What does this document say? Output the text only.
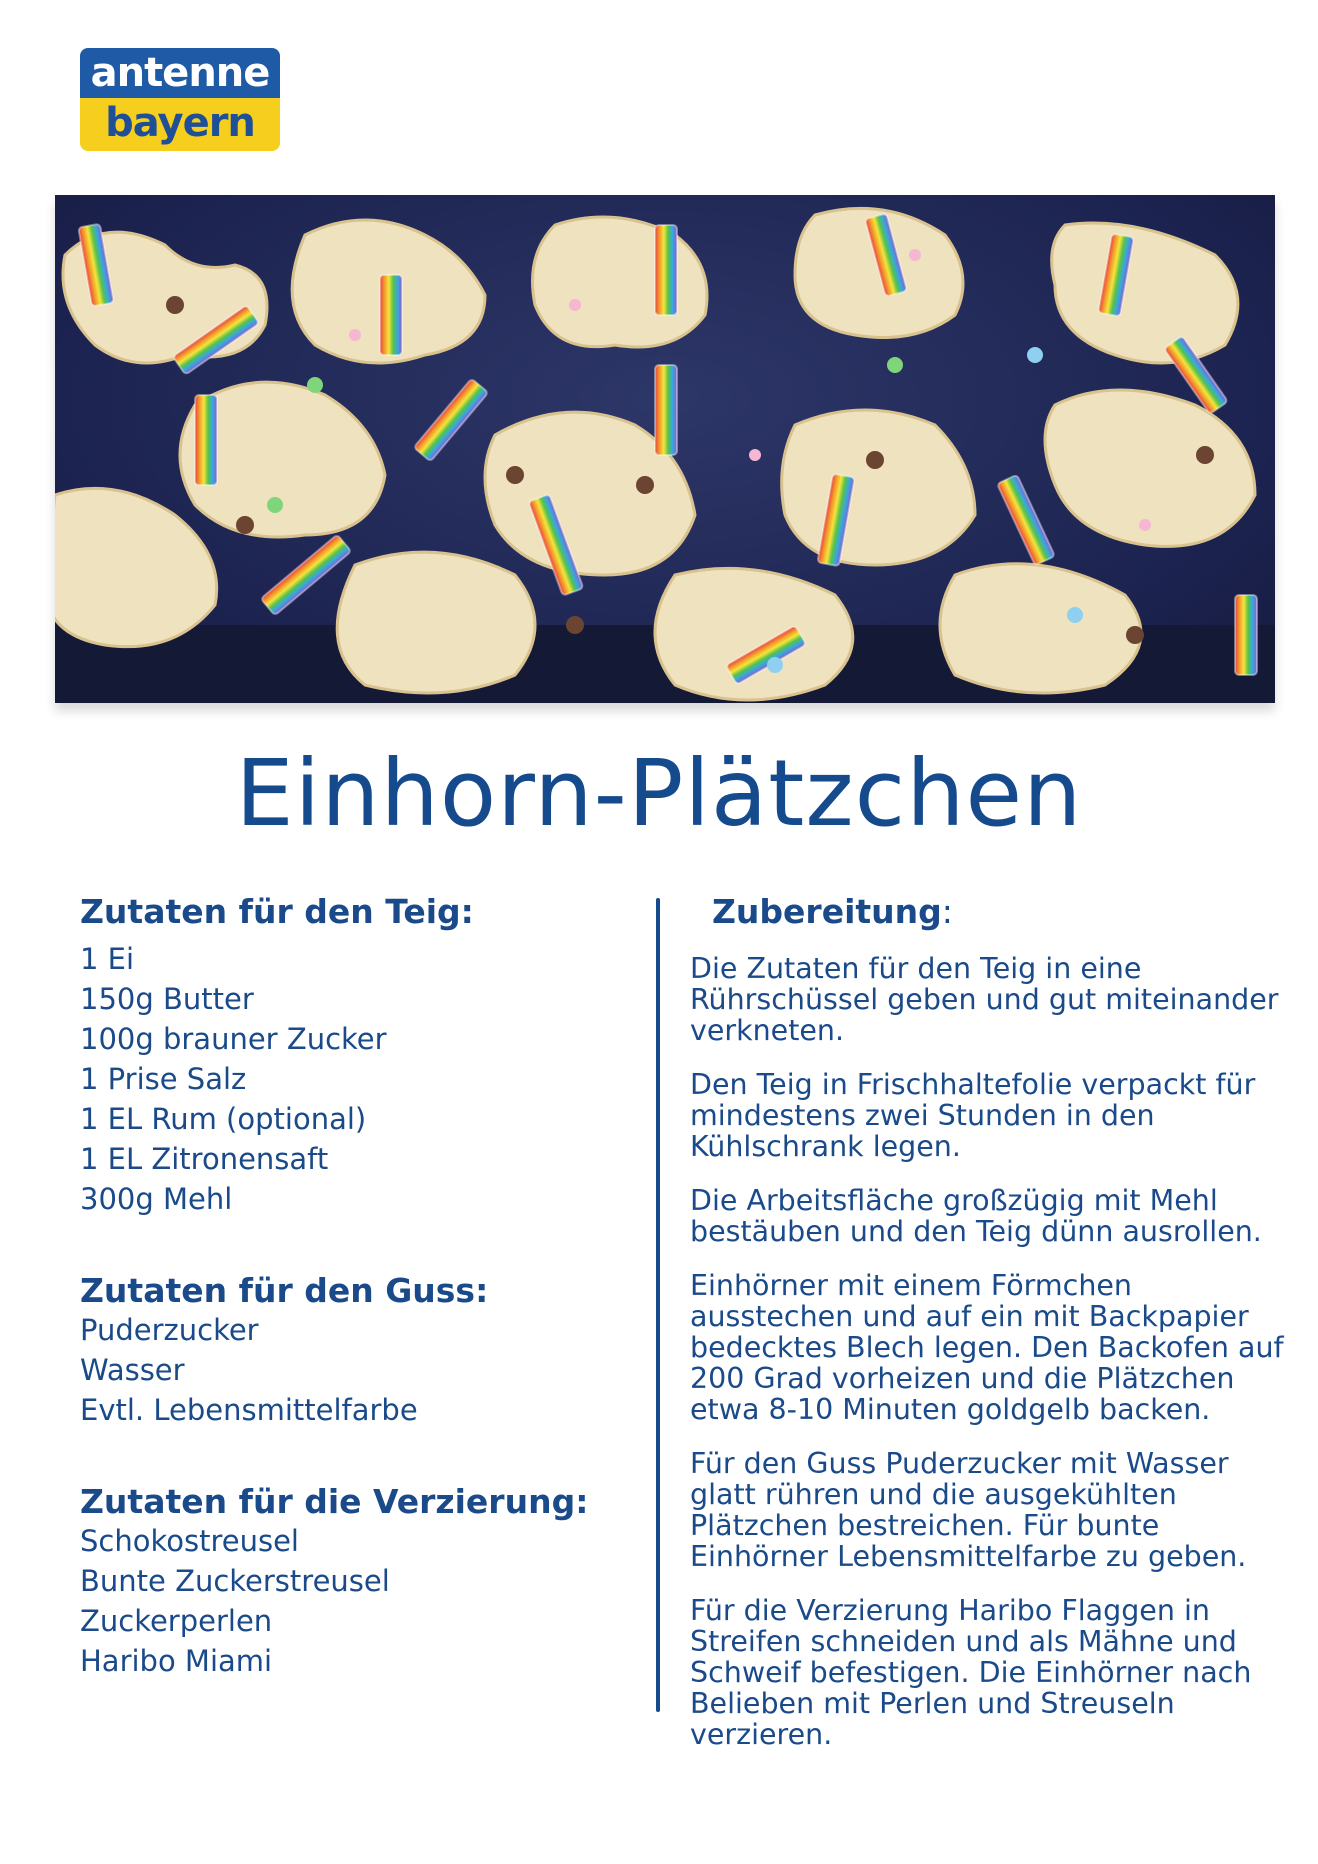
antenne
bayern
Einhorn-Plätzchen
Zutaten für den Teig:
1 Ei
150g Butter
100g brauner Zucker
1 Prise Salz
1 EL Rum (optional)
1 EL Zitronensaft
300g Mehl
Zutaten für den Guss:
Puderzucker
Wasser
Evtl. Lebensmittelfarbe
Zutaten für die Verzierung:
Schokostreusel
Bunte Zuckerstreusel
Zuckerperlen
Haribo Miami
Zubereitung:

Die Zutaten für den Teig in eine Rührschüssel geben und gut miteinander verkneten.

Den Teig in Frischhaltefolie verpackt für mindestens zwei Stunden in den Kühlschrank legen.

Die Arbeitsfläche großzügig mit Mehl bestäuben und den Teig dünn ausrollen.

Einhörner mit einem Förmchen ausstechen und auf ein mit Backpapier bedecktes Blech legen. Den Backofen auf 200 Grad vorheizen und die Plätzchen etwa 8-10 Minuten goldgelb backen.

Für den Guss Puderzucker mit Wasser glatt rühren und die ausgekühlten Plätzchen bestreichen. Für bunte Einhörner Lebensmittelfarbe zu geben.

Für die Verzierung Haribo Flaggen in Streifen schneiden und als Mähne und Schweif befestigen. Die Einhörner nach Belieben mit Perlen und Streuseln verzieren.
